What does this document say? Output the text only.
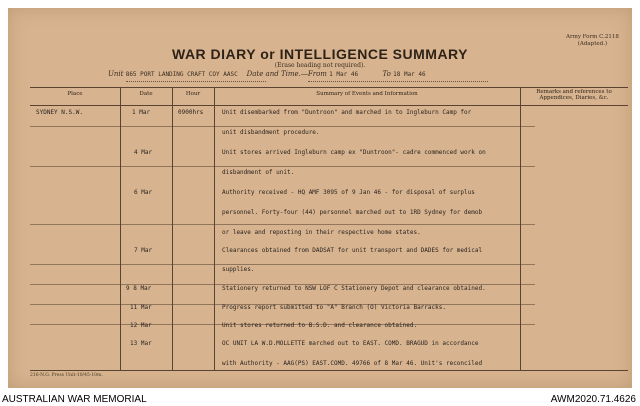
Army Form C.2118
(Adapted.)
WAR DIARY or INTELLIGENCE SUMMARY
(Erase heading not required).
Unit 865 PORT LANDING CRAFT COY AASC Date and Time.—From 1 Mar 46	To 18 Mar 46
Place	Date	Hour	Summary of Events and Information	Remarks and references to Appendices, Diaries, &c.
SYDNEY N.S.W.	1 Mar	0900hrs	Unit disembarked from "Duntroon" and marched in to Ingleburn Camp for
unit disbandment procedure.
4 Mar	Unit stores arrived Ingleburn camp ex "Duntroon"- cadre commenced work on
disbandment of unit.
6 Mar	Authority received - HQ AMF 3095 of 9 Jan 46 - for disposal of surplus
personnel. Forty-four (44) personnel marched out to 1RD Sydney for demob
or leave and reposting in their respective home states.
7 Mar	Clearances obtained from DADSAT for unit transport and DADES for medical
supplies.
9 8 Mar	Stationery returned to NSW LOF C Stationery Depot and clearance obtained.
11 Mar	Progress report submitted to "A" Branch (O) Victoria Barracks.
12 Mar	Unit stores returned to B.S.D. and clearance obtained.
13 Mar	OC UNIT LA W.D.MOLLETTE marched out to EAST. COMD. BRAGUD in accordance
with Authority - AAG(PS) EAST.COMD. 49766 of 8 Mar 46. Unit's reconciled
216-N.G. Press Unit-10/45-10m.
AUSTRALIAN WAR MEMORIAL	AWM2020.71.4626
